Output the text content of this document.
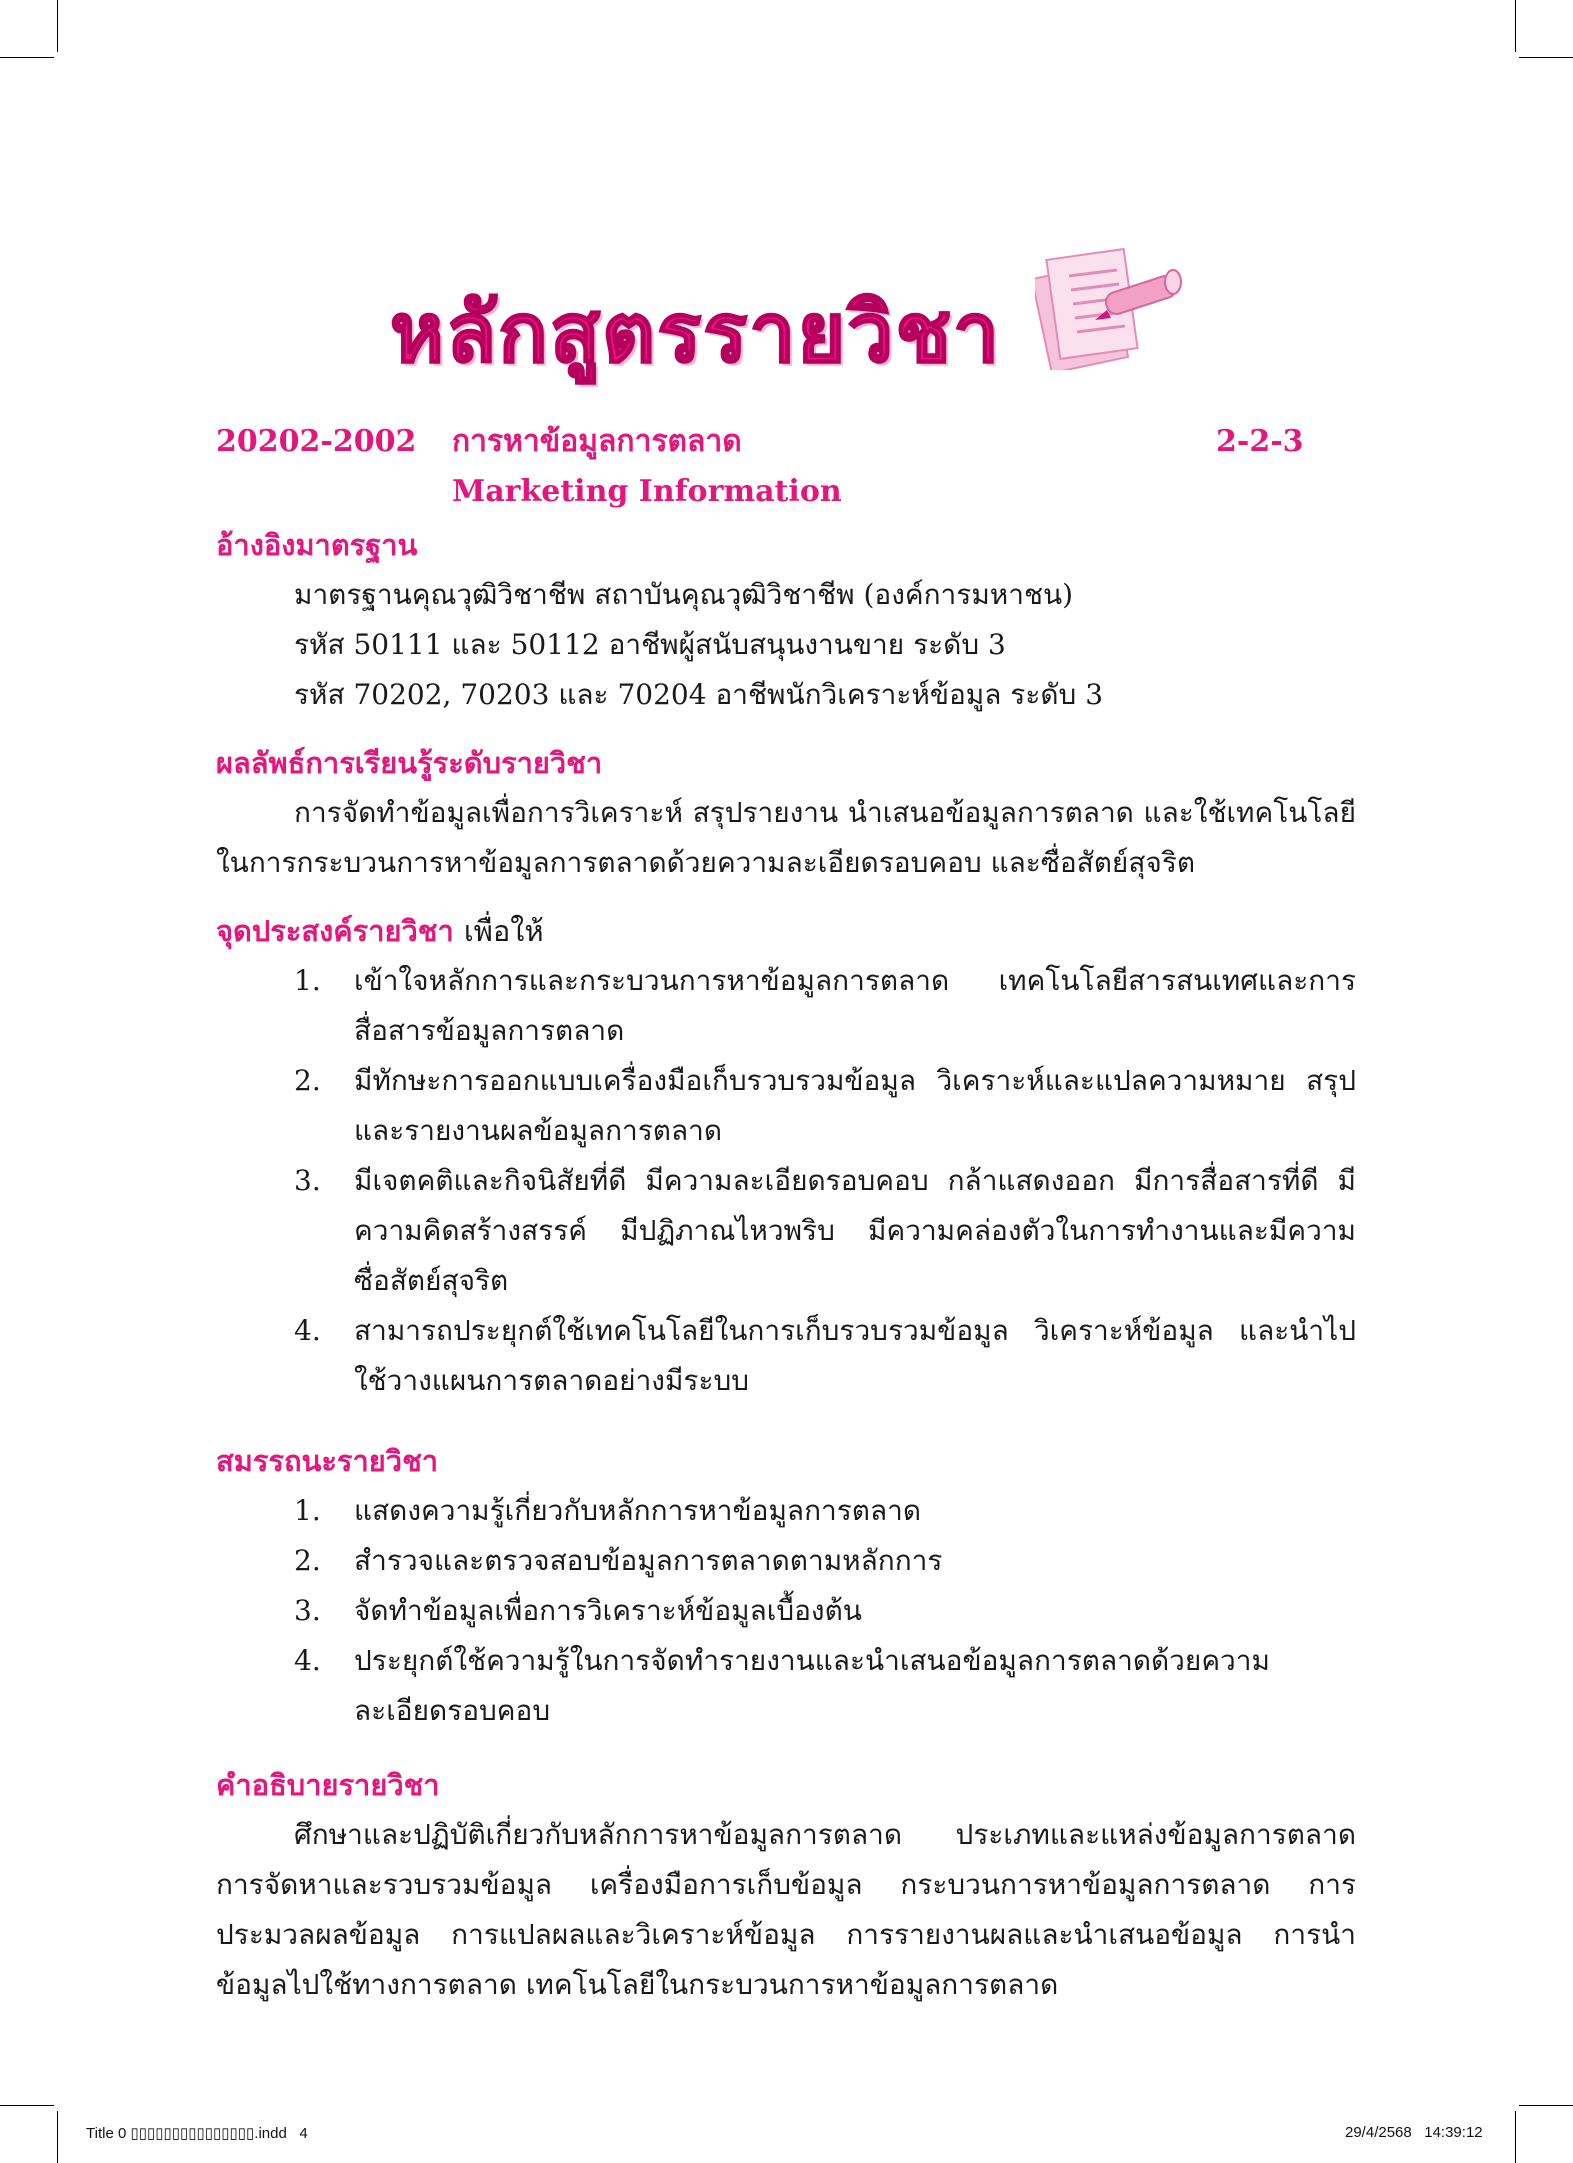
หลักสูตรรายวิชา
20202-2002	การหาข้อมูลการตลาด	2-2-3
Marketing Information
อ้างอิงมาตรฐาน
มาตรฐานคุณวุฒิวิชาชีพ สถาบันคุณวุฒิวิชาชีพ (องค์การมหาชน)
รหัส 50111 และ 50112 อาชีพผู้สนับสนุนงานขาย ระดับ 3
รหัส 70202, 70203 และ 70204 อาชีพนักวิเคราะห์ข้อมูล ระดับ 3
ผลลัพธ์การเรียนรู้ระดับรายวิชา
การจัดทำข้อมูลเพื่อการวิเคราะห์ สรุปรายงาน นำเสนอข้อมูลการตลาด และใช้เทคโนโลยีในการกระบวนการหาข้อมูลการตลาดด้วยความละเอียดรอบคอบ และซื่อสัตย์สุจริต
จุดประสงค์รายวิชา เพื่อให้
1.	เข้าใจหลักการและกระบวนการหาข้อมูลการตลาด เทคโนโลยีสารสนเทศและการสื่อสารข้อมูลการตลาด
2.	มีทักษะการออกแบบเครื่องมือเก็บรวบรวมข้อมูล วิเคราะห์และแปลความหมาย สรุปและรายงานผลข้อมูลการตลาด
3.	มีเจตคติและกิจนิสัยที่ดี มีความละเอียดรอบคอบ กล้าแสดงออก มีการสื่อสารที่ดี มีความคิดสร้างสรรค์ มีปฏิภาณไหวพริบ มีความคล่องตัวในการทำงานและมีความซื่อสัตย์สุจริต
4.	สามารถประยุกต์ใช้เทคโนโลยีในการเก็บรวบรวมข้อมูล วิเคราะห์ข้อมูล และนำไปใช้วางแผนการตลาดอย่างมีระบบ
สมรรถนะรายวิชา
1.	แสดงความรู้เกี่ยวกับหลักการหาข้อมูลการตลาด
2.	สำรวจและตรวจสอบข้อมูลการตลาดตามหลักการ
3.	จัดทำข้อมูลเพื่อการวิเคราะห์ข้อมูลเบื้องต้น
4.	ประยุกต์ใช้ความรู้ในการจัดทำรายงานและนำเสนอข้อมูลการตลาดด้วยความละเอียดรอบคอบ
คำอธิบายรายวิชา
ศึกษาและปฏิบัติเกี่ยวกับหลักการหาข้อมูลการตลาด ประเภทและแหล่งข้อมูลการตลาด การจัดหาและรวบรวมข้อมูล เครื่องมือการเก็บข้อมูล กระบวนการหาข้อมูลการตลาด การประมวลผลข้อมูล การแปลผลและวิเคราะห์ข้อมูล การรายงานผลและนำเสนอข้อมูล การนำข้อมูลไปใช้ทางการตลาด เทคโนโลยีในกระบวนการหาข้อมูลการตลาด
Title 0 ▯▯▯▯▯▯▯▯▯▯▯▯▯▯▯.indd 4	29/4/2568   14:39:12
